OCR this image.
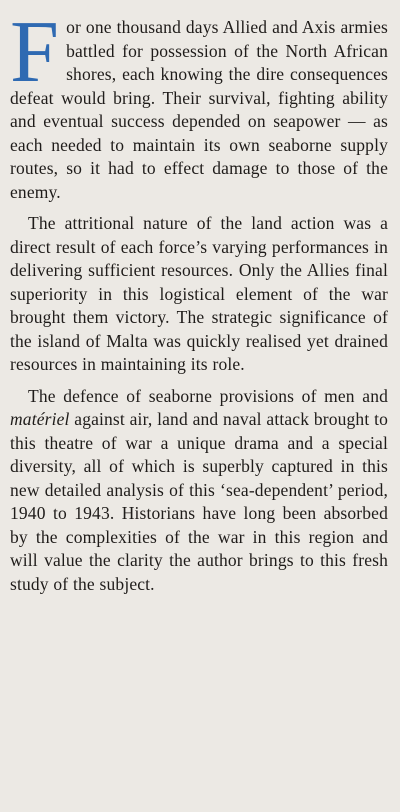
For one thousand days Allied and Axis armies battled for possession of the North African shores, each knowing the dire consequences defeat would bring. Their survival, fighting ability and eventual success depended on seapower — as each needed to maintain its own seaborne supply routes, so it had to effect damage to those of the enemy.

The attritional nature of the land action was a direct result of each force’s varying performances in delivering sufficient resources. Only the Allies final superiority in this logistical element of the war brought them victory. The strategic significance of the island of Malta was quickly realised yet drained resources in maintaining its role.

The defence of seaborne provisions of men and matériel against air, land and naval attack brought to this theatre of war a unique drama and a special diversity, all of which is superbly captured in this new detailed analysis of this ‘sea-dependent’ period, 1940 to 1943. Historians have long been absorbed by the complexities of the war in this region and will value the clarity the author brings to this fresh study of the subject.
